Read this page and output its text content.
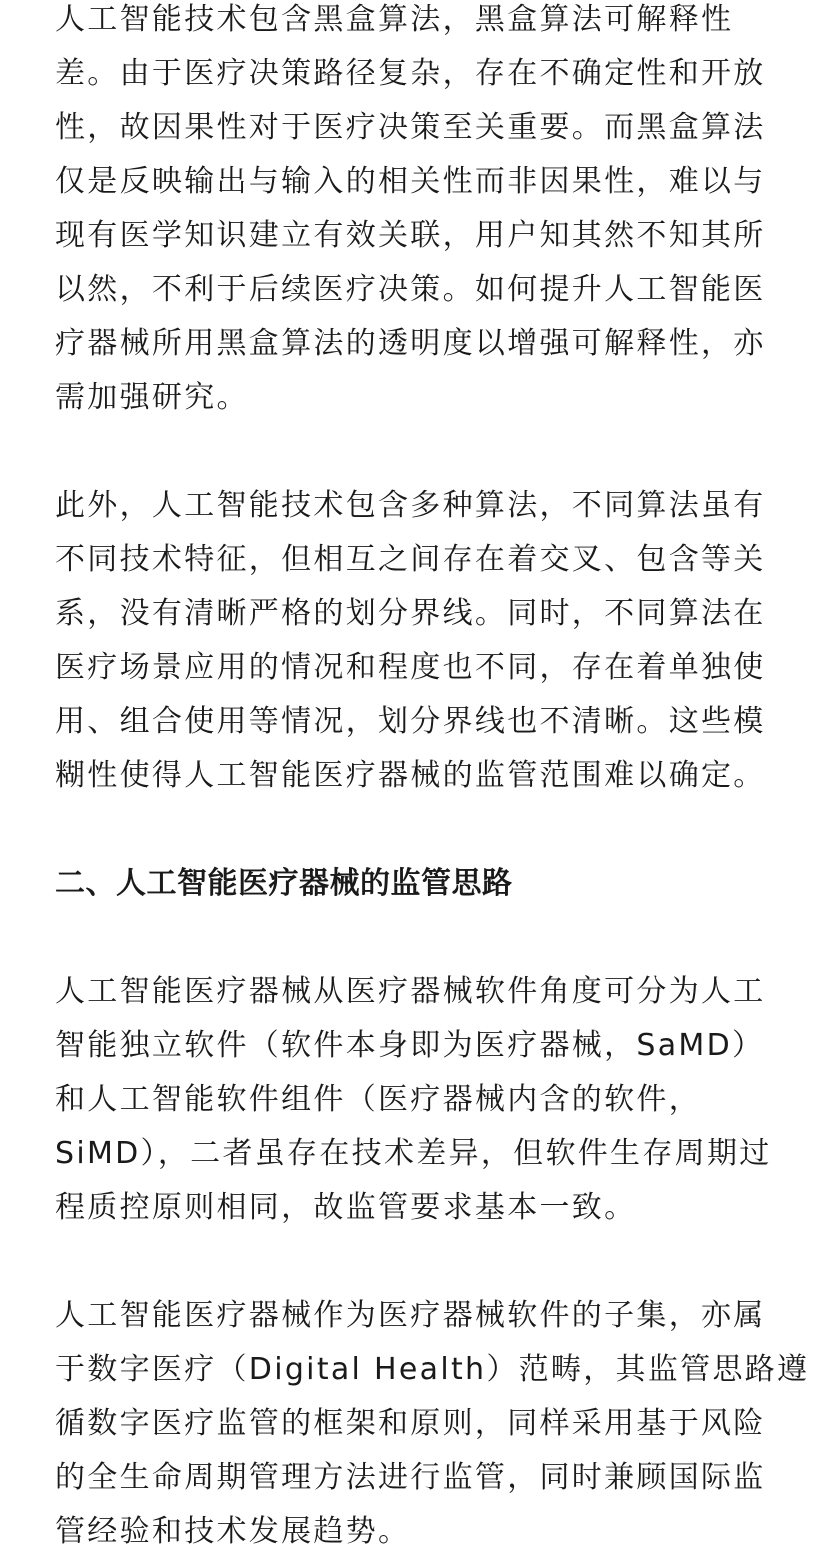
人工智能技术包含黑盒算法，黑盒算法可解释性
差。由于医疗决策路径复杂，存在不确定性和开放
性，故因果性对于医疗决策至关重要。而黑盒算法
仅是反映输出与输入的相关性而非因果性，难以与
现有医学知识建立有效关联，用户知其然不知其所
以然，不利于后续医疗决策。如何提升人工智能医
疗器械所用黑盒算法的透明度以增强可解释性，亦
需加强研究。
此外，人工智能技术包含多种算法，不同算法虽有
不同技术特征，但相互之间存在着交叉、包含等关
系，没有清晰严格的划分界线。同时，不同算法在
医疗场景应用的情况和程度也不同，存在着单独使
用、组合使用等情况，划分界线也不清晰。这些模
糊性使得人工智能医疗器械的监管范围难以确定。
二、人工智能医疗器械的监管思路
人工智能医疗器械从医疗器械软件角度可分为人工
智能独立软件（软件本身即为医疗器械，SaMD）
和人工智能软件组件（医疗器械内含的软件，
SiMD），二者虽存在技术差异，但软件生存周期过
程质控原则相同，故监管要求基本一致。
人工智能医疗器械作为医疗器械软件的子集，亦属
于数字医疗（Digital Health）范畴，其监管思路遵
循数字医疗监管的框架和原则，同样采用基于风险
的全生命周期管理方法进行监管，同时兼顾国际监
管经验和技术发展趋势。
